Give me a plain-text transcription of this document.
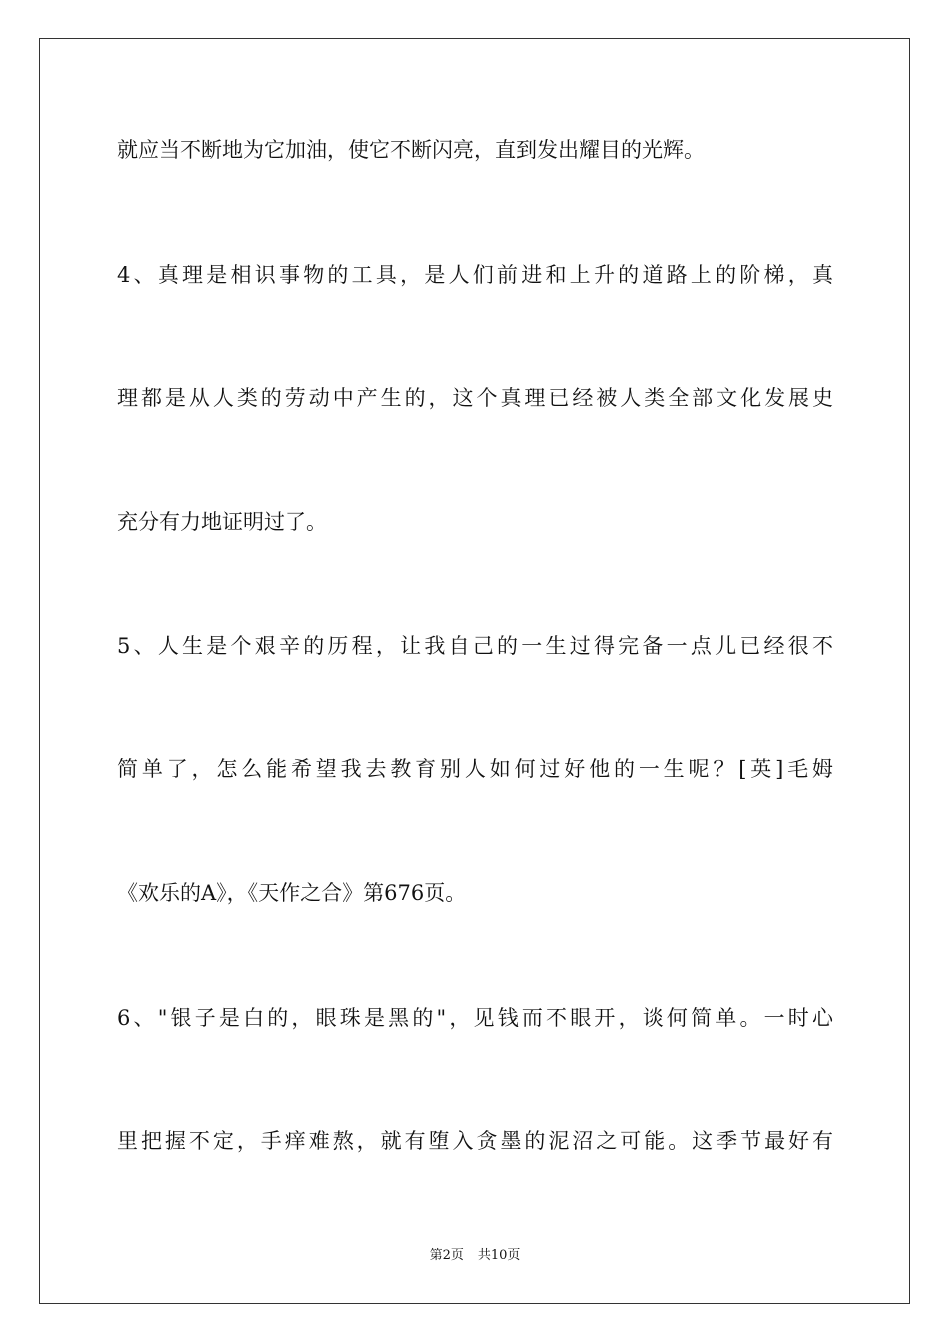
就应当不断地为它加油，使它不断闪亮，直到发出耀目的光辉。
4、真理是相识事物的工具，是人们前进和上升的道路上的阶梯，真
理都是从人类的劳动中产生的，这个真理已经被人类全部文化发展史
充分有力地证明过了。
5、人生是个艰辛的历程，让我自己的一生过得完备一点儿已经很不
简单了，怎么能希望我去教育别人如何过好他的一生呢？[英]毛姆
《欢乐的A》，《天作之合》第676页。
6、"银子是白的，眼珠是黑的"，见钱而不眼开，谈何简单。一时心
里把握不定，手痒难熬，就有堕入贪墨的泥沼之可能。这季节最好有
第2页 共10页
